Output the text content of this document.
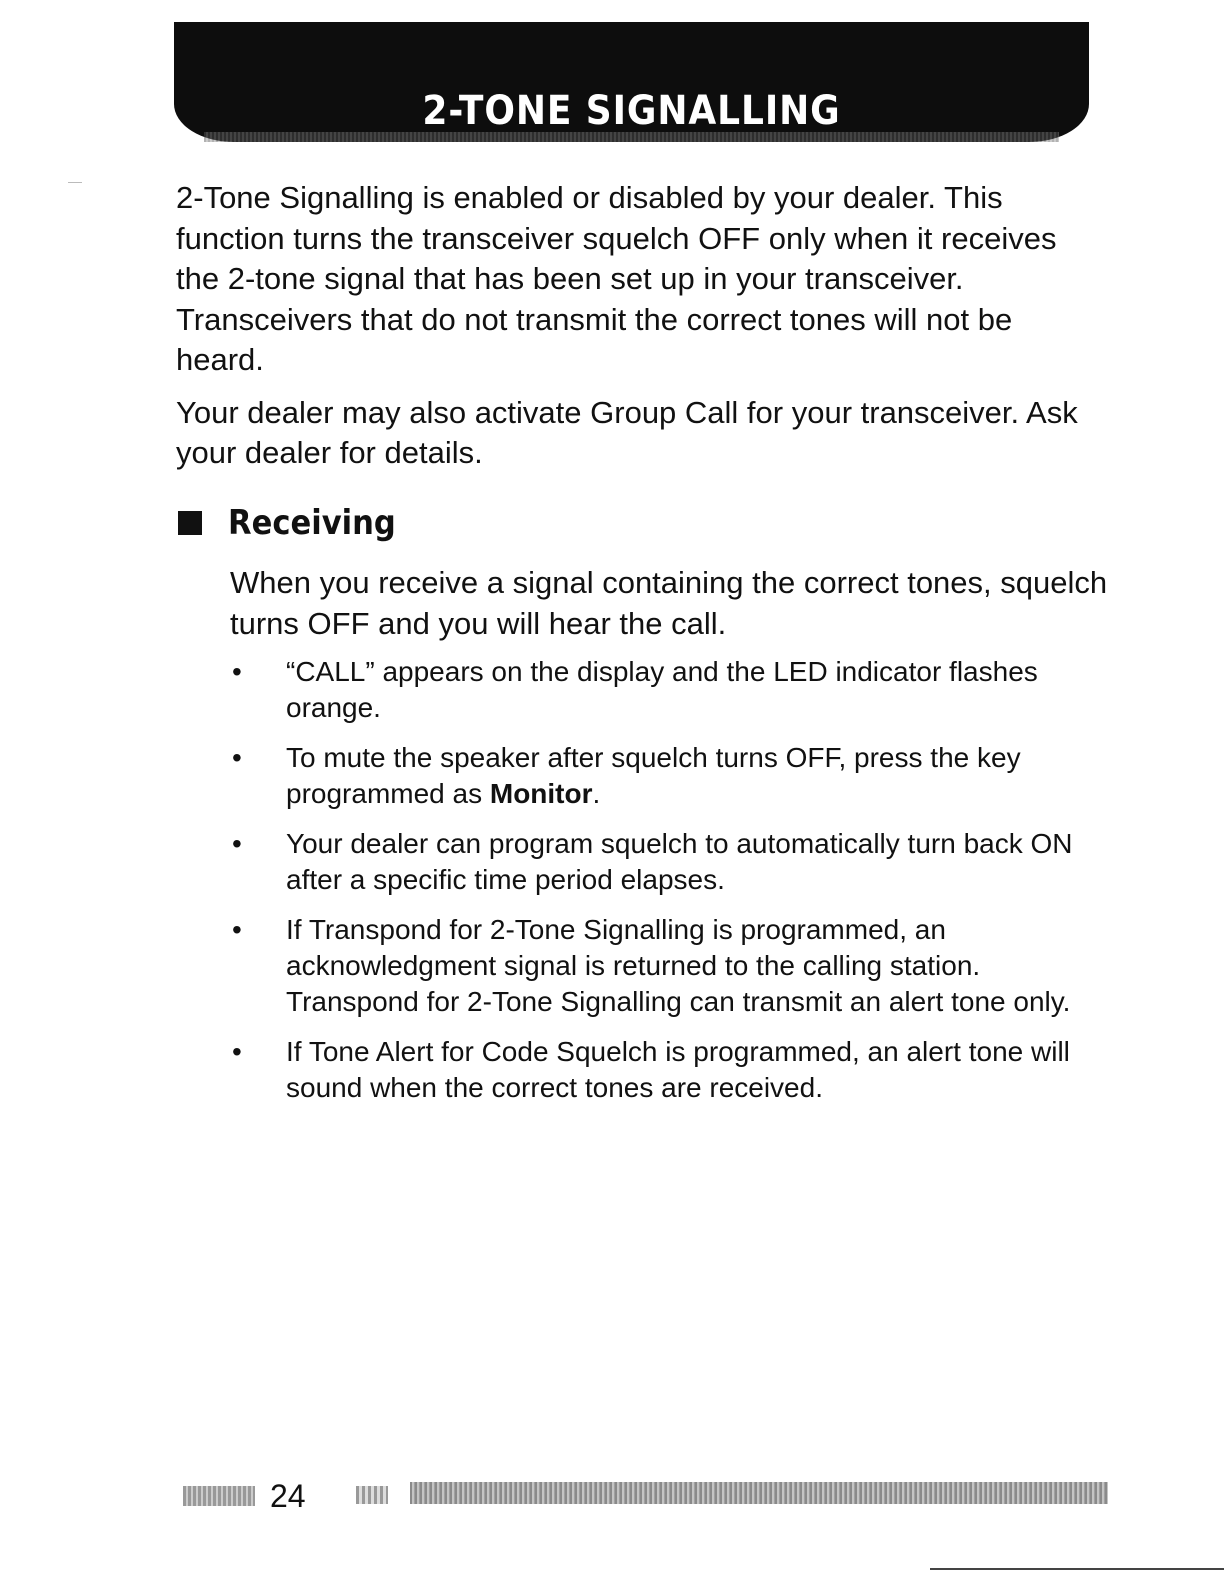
2-TONE SIGNALLING

2-Tone Signalling is enabled or disabled by your dealer. This function turns the transceiver squelch OFF only when it receives the 2-tone signal that has been set up in your transceiver. Transceivers that do not transmit the correct tones will not be heard.

Your dealer may also activate Group Call for your transceiver. Ask your dealer for details.

Receiving
When you receive a signal containing the correct tones, squelch turns OFF and you will hear the call.
• “CALL” appears on the display and the LED indicator flashes orange.
• To mute the speaker after squelch turns OFF, press the key programmed as Monitor.
• Your dealer can program squelch to automatically turn back ON after a specific time period elapses.
• If Transpond for 2-Tone Signalling is programmed, an acknowledgment signal is returned to the calling station. Transpond for 2-Tone Signalling can transmit an alert tone only.
• If Tone Alert for Code Squelch is programmed, an alert tone will sound when the correct tones are received.
24
